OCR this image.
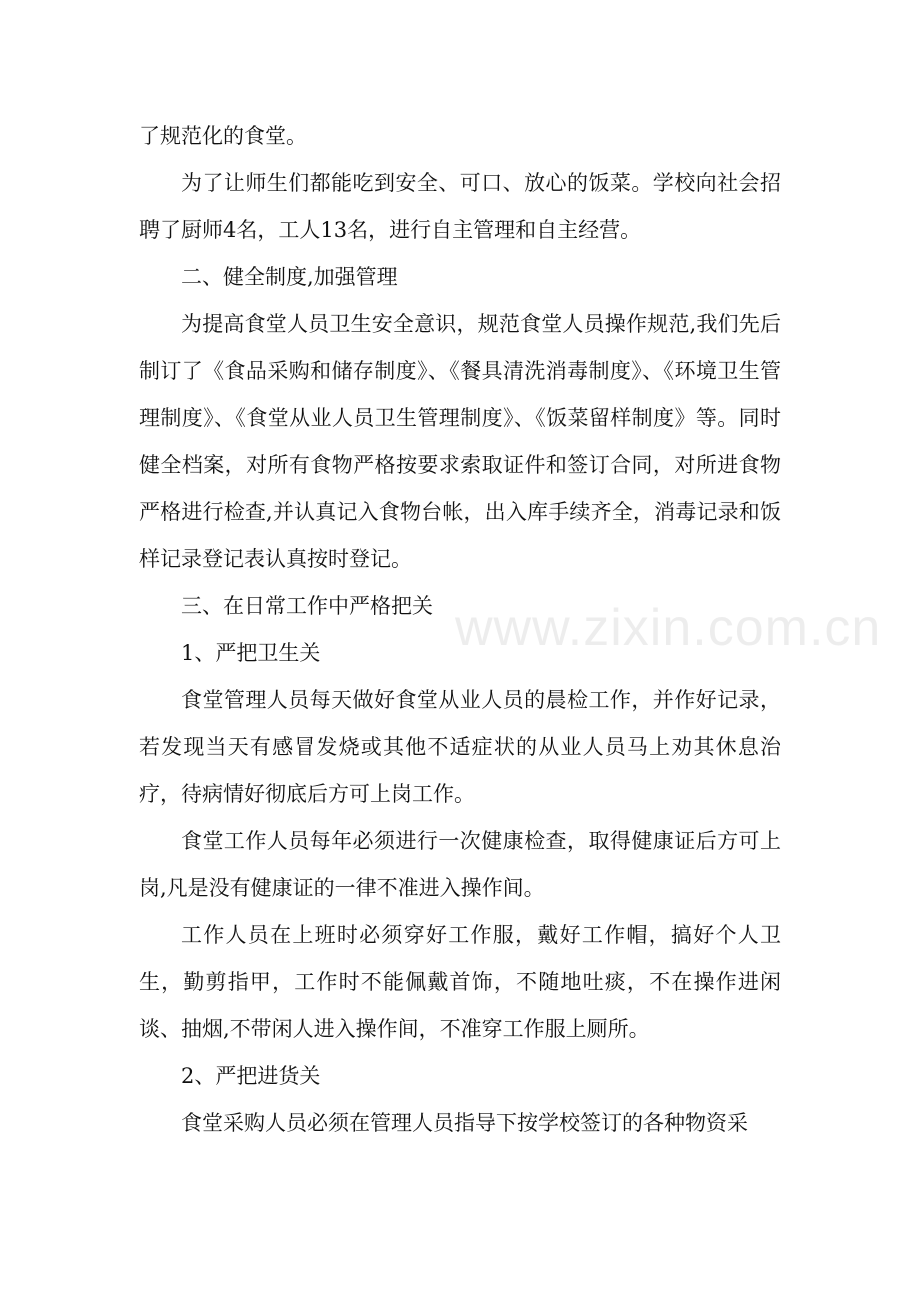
了规范化的食堂。

为了让师生们都能吃到安全、可口、放心的饭菜。学校向社会招聘了厨师4名，工人13名，进行自主管理和自主经营。

二、健全制度,加强管理

为提高食堂人员卫生安全意识，规范食堂人员操作规范,我们先后制订了《食品采购和储存制度》、《餐具清洗消毒制度》、《环境卫生管理制度》、《食堂从业人员卫生管理制度》、《饭菜留样制度》等。同时健全档案，对所有食物严格按要求索取证件和签订合同，对所进食物严格进行检查,并认真记入食物台帐，出入库手续齐全，消毒记录和饭样记录登记表认真按时登记。

三、在日常工作中严格把关

1、严把卫生关

食堂管理人员每天做好食堂从业人员的晨检工作，并作好记录，若发现当天有感冒发烧或其他不适症状的从业人员马上劝其休息治疗，待病情好彻底后方可上岗工作。

食堂工作人员每年必须进行一次健康检查，取得健康证后方可上岗,凡是没有健康证的一律不准进入操作间。

工作人员在上班时必须穿好工作服，戴好工作帽，搞好个人卫生，勤剪指甲，工作时不能佩戴首饰，不随地吐痰，不在操作进闲谈、抽烟,不带闲人进入操作间，不准穿工作服上厕所。

2、严把进货关

食堂采购人员必须在管理人员指导下按学校签订的各种物资采

www.zixin.com.cn
